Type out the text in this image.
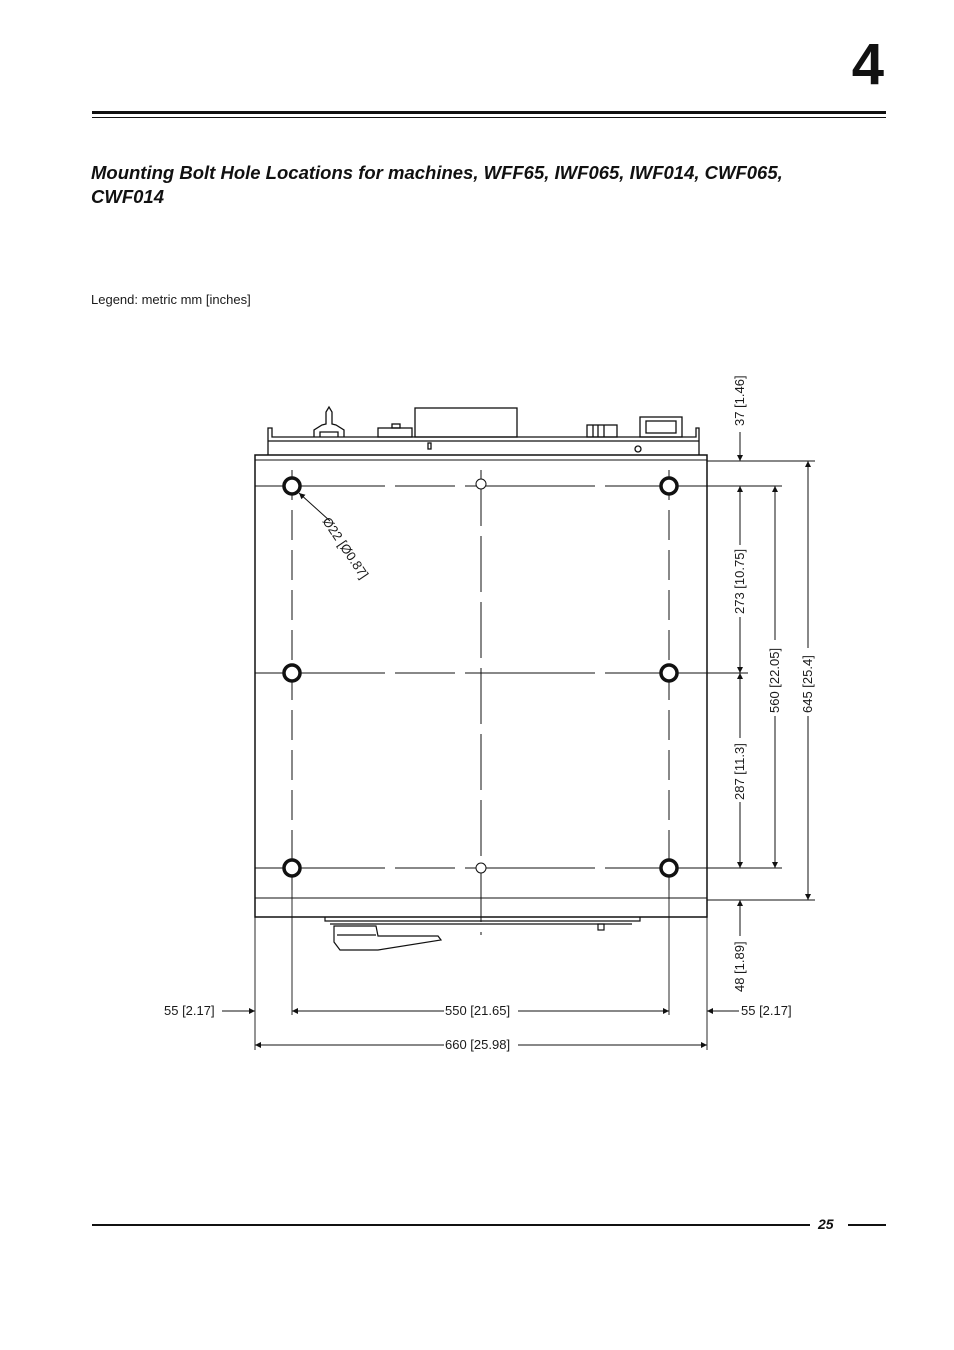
4
Mounting Bolt Hole Locations for machines, WFF65, IWF065, IWF014, CWF065, CWF014
Legend: metric mm [inches]
Ø22 [Ø0.87]
37 [1.46]
273 [10.75]
287 [11.3]
560 [22.05] 645 [25.4]
48 [1.89]
55 [2.17]	550 [21.65]	55 [2.17]
660 [25.98]
25
